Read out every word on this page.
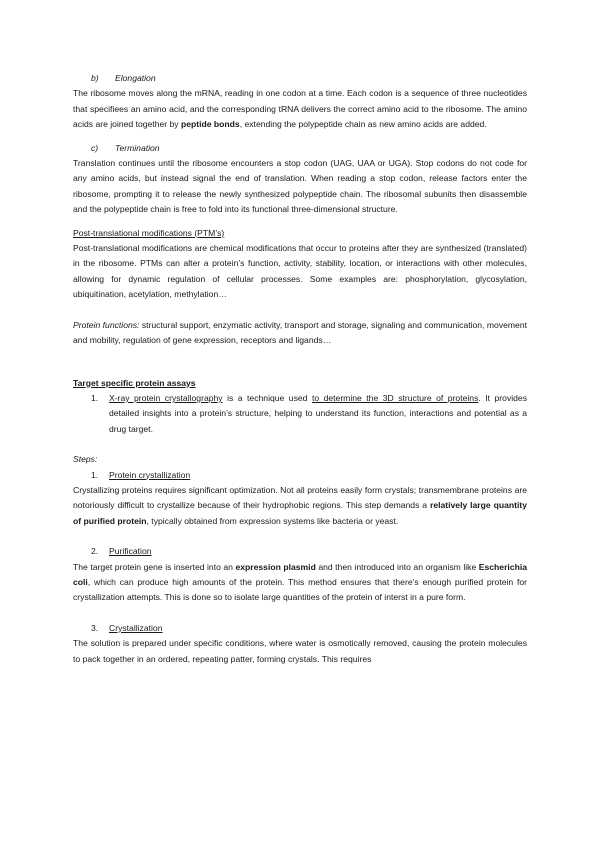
b)	Elongation

The ribosome moves along the mRNA, reading in one codon at a time. Each codon is a sequence of three nucleotides that specifiees an amino acid, and the corresponding tRNA delivers the correct amino acid to the ribosome. The amino acids are joined together by peptide bonds, extending the polypeptide chain as new amino acids are added.

c)	Termination

Translation continues until the ribosome encounters a stop codon (UAG, UAA or UGA). Stop codons do not code for any amino acids, but instead signal the end of translation. When reading a stop codon, release factors enter the ribosome, prompting it to release the newly synthesized polypeptide chain. The ribosomal subunits then disassemble and the polypeptide chain is free to fold into its functional three-dimensional structure.

Post-translational modifications (PTM’s)

Post-translational modifications are chemical modifications that occur to proteins after they are synthesized (translated) in the ribosome. PTMs can alter a protein’s function, activity, stability, location, or interactions with other molecules, allowing for dynamic regulation of cellular processes. Some examples are: phosphorylation, glycosylation, ubiquitination, acetylation, methylation…

Protein functions: structural support, enzymatic activity, transport and storage, signaling and communication, movement and mobility, regulation of gene expression, receptors and ligands…

Target specific protein assays

1.	X-ray protein crystallography is a technique used to determine the 3D structure of proteins. It provides detailed insights into a protein’s structure, helping to understand its function, interactions and potential as a drug target.

Steps:

1.	Protein crystallization

Crystallizing proteins requires significant optimization. Not all proteins easily form crystals; transmembrane proteins are notoriously difficult to crystallize because of their hydrophobic regions. This step demands a relatively large quantity of purified protein, typically obtained from expression systems like bacteria or yeast.

2.	Purification

The target protein gene is inserted into an expression plasmid and then introduced into an organism like Escherichia coli, which can produce high amounts of the protein. This method ensures that there’s enough purified protein for crystallization attempts. This is done so to isolate large quantities of the protein of interst in a pure form.

3.	Crystallization

The solution is prepared under specific conditions, where water is osmotically removed, causing the protein molecules to pack together in an ordered, repeating patter, forming crystals. This requires
